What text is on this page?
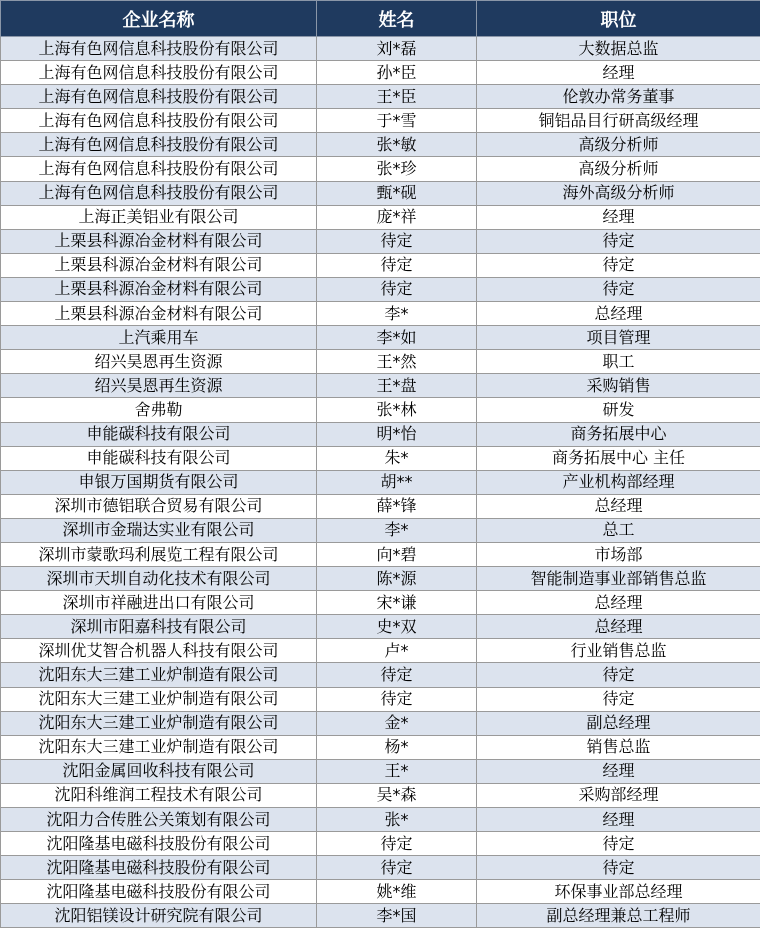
企业名称	姓名	职位
上海有色网信息科技股份有限公司	刘*磊	大数据总监
上海有色网信息科技股份有限公司	孙*臣	经理
上海有色网信息科技股份有限公司	王*臣	伦敦办常务董事
上海有色网信息科技股份有限公司	于*雪	铜铝品目行研高级经理
上海有色网信息科技股份有限公司	张*敏	高级分析师
上海有色网信息科技股份有限公司	张*珍	高级分析师
上海有色网信息科技股份有限公司	甄*砚	海外高级分析师
上海正美铝业有限公司	庞*祥	经理
上栗县科源冶金材料有限公司	待定	待定
上栗县科源冶金材料有限公司	待定	待定
上栗县科源冶金材料有限公司	待定	待定
上栗县科源冶金材料有限公司	李*	总经理
上汽乘用车	李*如	项目管理
绍兴昊恩再生资源	王*然	职工
绍兴昊恩再生资源	王*盘	采购销售
舍弗勒	张*林	研发
申能碳科技有限公司	明*怡	商务拓展中心
申能碳科技有限公司	朱*	商务拓展中心 主任
申银万国期货有限公司	胡**	产业机构部经理
深圳市德铝联合贸易有限公司	薛*锋	总经理
深圳市金瑞达实业有限公司	李*	总工
深圳市蒙歌玛利展览工程有限公司	向*碧	市场部
深圳市天圳自动化技术有限公司	陈*源	智能制造事业部销售总监
深圳市祥融进出口有限公司	宋*谦	总经理
深圳市阳嘉科技有限公司	史*双	总经理
深圳优艾智合机器人科技有限公司	卢*	行业销售总监
沈阳东大三建工业炉制造有限公司	待定	待定
沈阳东大三建工业炉制造有限公司	待定	待定
沈阳东大三建工业炉制造有限公司	金*	副总经理
沈阳东大三建工业炉制造有限公司	杨*	销售总监
沈阳金属回收科技有限公司	王*	经理
沈阳科维润工程技术有限公司	吴*森	采购部经理
沈阳力合传胜公关策划有限公司	张*	经理
沈阳隆基电磁科技股份有限公司	待定	待定
沈阳隆基电磁科技股份有限公司	待定	待定
沈阳隆基电磁科技股份有限公司	姚*维	环保事业部总经理
沈阳铝镁设计研究院有限公司	李*国	副总经理兼总工程师
